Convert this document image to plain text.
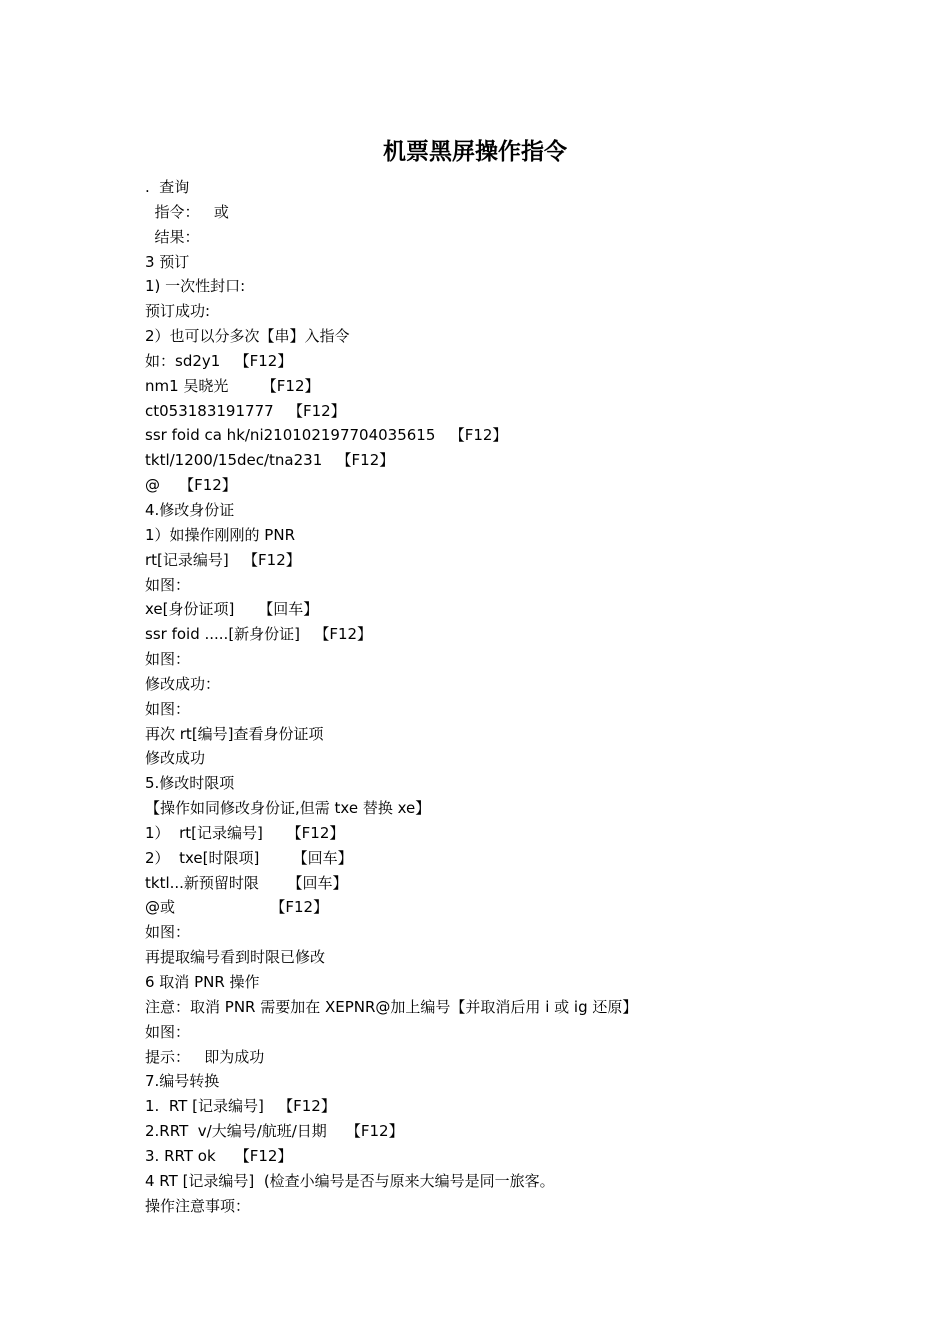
机票黑屏操作指令
.  查询
指令：   或
结果：
3 预订
1) 一次性封口:
预订成功:
2）也可以分多次【串】入指令
如：sd2y1   【F12】
nm1 吴晓光       【F12】
ct053183191777   【F12】
ssr foid ca hk/ni210102197704035615   【F12】
tktl/1200/15dec/tna231   【F12】
@    【F12】
4.修改身份证
1）如操作刚刚的 PNR
rt[记录编号]   【F12】
如图：
xe[身份证项]     【回车】
ssr foid .....[新身份证]   【F12】
如图：
修改成功：
如图：
再次 rt[编号]查看身份证项
修改成功
5.修改时限项
【操作如同修改身份证,但需 txe 替换 xe】
1）  rt[记录编号]     【F12】
2）  txe[时限项]       【回车】
tktl...新预留时限      【回车】
@或                    【F12】
如图：
再提取编号看到时限已修改
6 取消 PNR 操作
注意：取消 PNR 需要加在 XEPNR@加上编号【并取消后用 i 或 ig 还原】
如图：
提示：   即为成功
7.编号转换
1.  RT [记录编号]   【F12】
2.RRT  v/大编号/航班/日期    【F12】
3. RRT ok    【F12】
4 RT [记录编号]  (检查小编号是否与原来大编号是同一旅客。
操作注意事项：
